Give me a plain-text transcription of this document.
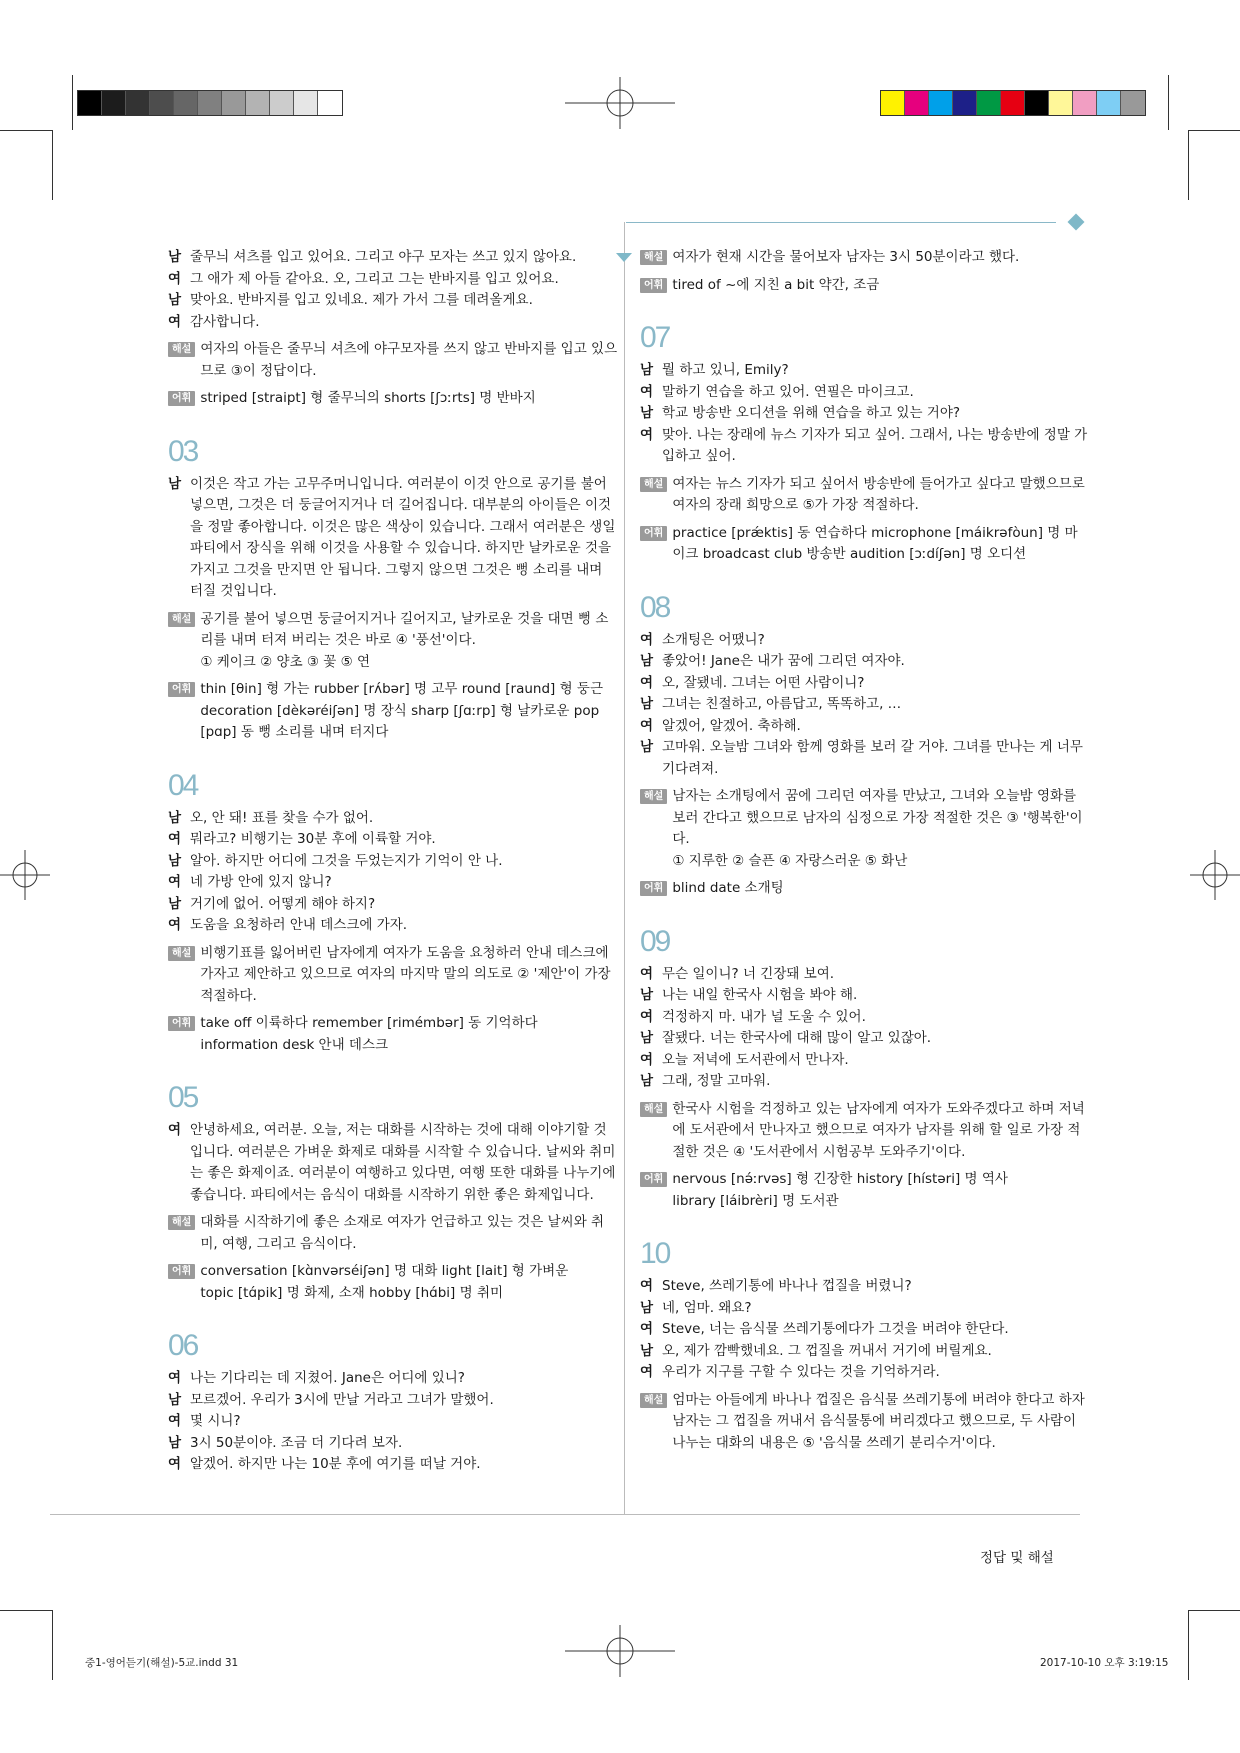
남 줄무늬 셔츠를 입고 있어요. 그리고 야구 모자는 쓰고 있지 않아요.
여 그 애가 제 아들 같아요. 오, 그리고 그는 반바지를 입고 있어요.
남 맞아요. 반바지를 입고 있네요. 제가 가서 그를 데려올게요.
여 감사합니다.
해설 여자의 아들은 줄무늬 셔츠에 야구모자를 쓰지 않고 반바지를 입고 있으므로 ③이 정답이다.
어휘 striped [straipt] 형 줄무늬의 shorts [ʃɔːrts] 명 반바지
03
남 이것은 작고 가는 고무주머니입니다. 여러분이 이것 안으로 공기를 불어 넣으면, 그것은 더 둥글어지거나 더 길어집니다. 대부분의 아이들은 이것을 정말 좋아합니다. 이것은 많은 색상이 있습니다. 그래서 여러분은 생일 파티에서 장식을 위해 이것을 사용할 수 있습니다. 하지만 날카로운 것을 가지고 그것을 만지면 안 됩니다. 그렇지 않으면 그것은 뻥 소리를 내며 터질 것입니다.
해설 공기를 불어 넣으면 둥글어지거나 길어지고, 날카로운 것을 대면 뻥 소리를 내며 터져 버리는 것은 바로 ④ '풍선'이다.
① 케이크 ② 양초 ③ 꽃 ⑤ 연
어휘 thin [θin] 형 가는 rubber [rʌ́bər] 명 고무 round [raund] 형 둥근 decoration [dèkəréiʃən] 명 장식 sharp [ʃɑːrp] 형 날카로운 pop [pɑp] 동 뻥 소리를 내며 터지다
04
남 오, 안 돼! 표를 찾을 수가 없어.
여 뭐라고? 비행기는 30분 후에 이륙할 거야.
남 알아. 하지만 어디에 그것을 두었는지가 기억이 안 나.
여 네 가방 안에 있지 않니?
남 거기에 없어. 어떻게 해야 하지?
여 도움을 요청하러 안내 데스크에 가자.
해설 비행기표를 잃어버린 남자에게 여자가 도움을 요청하러 안내 데스크에 가자고 제안하고 있으므로 여자의 마지막 말의 의도로 ② '제안'이 가장 적절하다.
어휘 take off 이륙하다 remember [rimémbər] 동 기억하다
information desk 안내 데스크
05
여 안녕하세요, 여러분. 오늘, 저는 대화를 시작하는 것에 대해 이야기할 것입니다. 여러분은 가벼운 화제로 대화를 시작할 수 있습니다. 날씨와 취미는 좋은 화제이죠. 여러분이 여행하고 있다면, 여행 또한 대화를 나누기에 좋습니다. 파티에서는 음식이 대화를 시작하기 위한 좋은 화제입니다.
해설 대화를 시작하기에 좋은 소재로 여자가 언급하고 있는 것은 날씨와 취미, 여행, 그리고 음식이다.
어휘 conversation [kɑ̀nvərséiʃən] 명 대화 light [lait] 형 가벼운
topic [tɑ́pik] 명 화제, 소재 hobby [hɑ́bi] 명 취미
06
여 나는 기다리는 데 지쳤어. Jane은 어디에 있니?
남 모르겠어. 우리가 3시에 만날 거라고 그녀가 말했어.
여 몇 시니?
남 3시 50분이야. 조금 더 기다려 보자.
여 알겠어. 하지만 나는 10분 후에 여기를 떠날 거야.
해설 여자가 현재 시간을 물어보자 남자는 3시 50분이라고 했다.
어휘 tired of ~에 지친 a bit 약간, 조금
07
남 뭘 하고 있니, Emily?
여 말하기 연습을 하고 있어. 연필은 마이크고.
남 학교 방송반 오디션을 위해 연습을 하고 있는 거야?
여 맞아. 나는 장래에 뉴스 기자가 되고 싶어. 그래서, 나는 방송반에 정말 가입하고 싶어.
해설 여자는 뉴스 기자가 되고 싶어서 방송반에 들어가고 싶다고 말했으므로 여자의 장래 희망으로 ⑤가 가장 적절하다.
어휘 practice [prǽktis] 동 연습하다 microphone [máikrəfòun] 명 마이크 broadcast club 방송반 audition [ɔːdíʃən] 명 오디션
08
여 소개팅은 어땠니?
남 좋았어! Jane은 내가 꿈에 그리던 여자야.
여 오, 잘됐네. 그녀는 어떤 사람이니?
남 그녀는 친절하고, 아름답고, 똑똑하고, …
여 알겠어, 알겠어. 축하해.
남 고마워. 오늘밤 그녀와 함께 영화를 보러 갈 거야. 그녀를 만나는 게 너무 기다려져.
해설 남자는 소개팅에서 꿈에 그리던 여자를 만났고, 그녀와 오늘밤 영화를 보러 간다고 했으므로 남자의 심정으로 가장 적절한 것은 ③ '행복한'이다.
① 지루한 ② 슬픈 ④ 자랑스러운 ⑤ 화난
어휘 blind date 소개팅
09
여 무슨 일이니? 너 긴장돼 보여.
남 나는 내일 한국사 시험을 봐야 해.
여 걱정하지 마. 내가 널 도울 수 있어.
남 잘됐다. 너는 한국사에 대해 많이 알고 있잖아.
여 오늘 저녁에 도서관에서 만나자.
남 그래, 정말 고마워.
해설 한국사 시험을 걱정하고 있는 남자에게 여자가 도와주겠다고 하며 저녁에 도서관에서 만나자고 했으므로 여자가 남자를 위해 할 일로 가장 적절한 것은 ④ '도서관에서 시험공부 도와주기'이다.
어휘 nervous [nə́ːrvəs] 형 긴장한 history [hístəri] 명 역사
library [láibrèri] 명 도서관
10
여 Steve, 쓰레기통에 바나나 껍질을 버렸니?
남 네, 엄마. 왜요?
여 Steve, 너는 음식물 쓰레기통에다가 그것을 버려야 한단다.
남 오, 제가 깜빡했네요. 그 껍질을 꺼내서 거기에 버릴게요.
여 우리가 지구를 구할 수 있다는 것을 기억하거라.
해설 엄마는 아들에게 바나나 껍질은 음식물 쓰레기통에 버려야 한다고 하자 남자는 그 껍질을 꺼내서 음식물통에 버리겠다고 했으므로, 두 사람이 나누는 대화의 내용은 ⑤ '음식물 쓰레기 분리수거'이다.
정답 및 해설
중1-영어듣기(해설)-5교.indd 31	2017-10-10 오후 3:19:15
